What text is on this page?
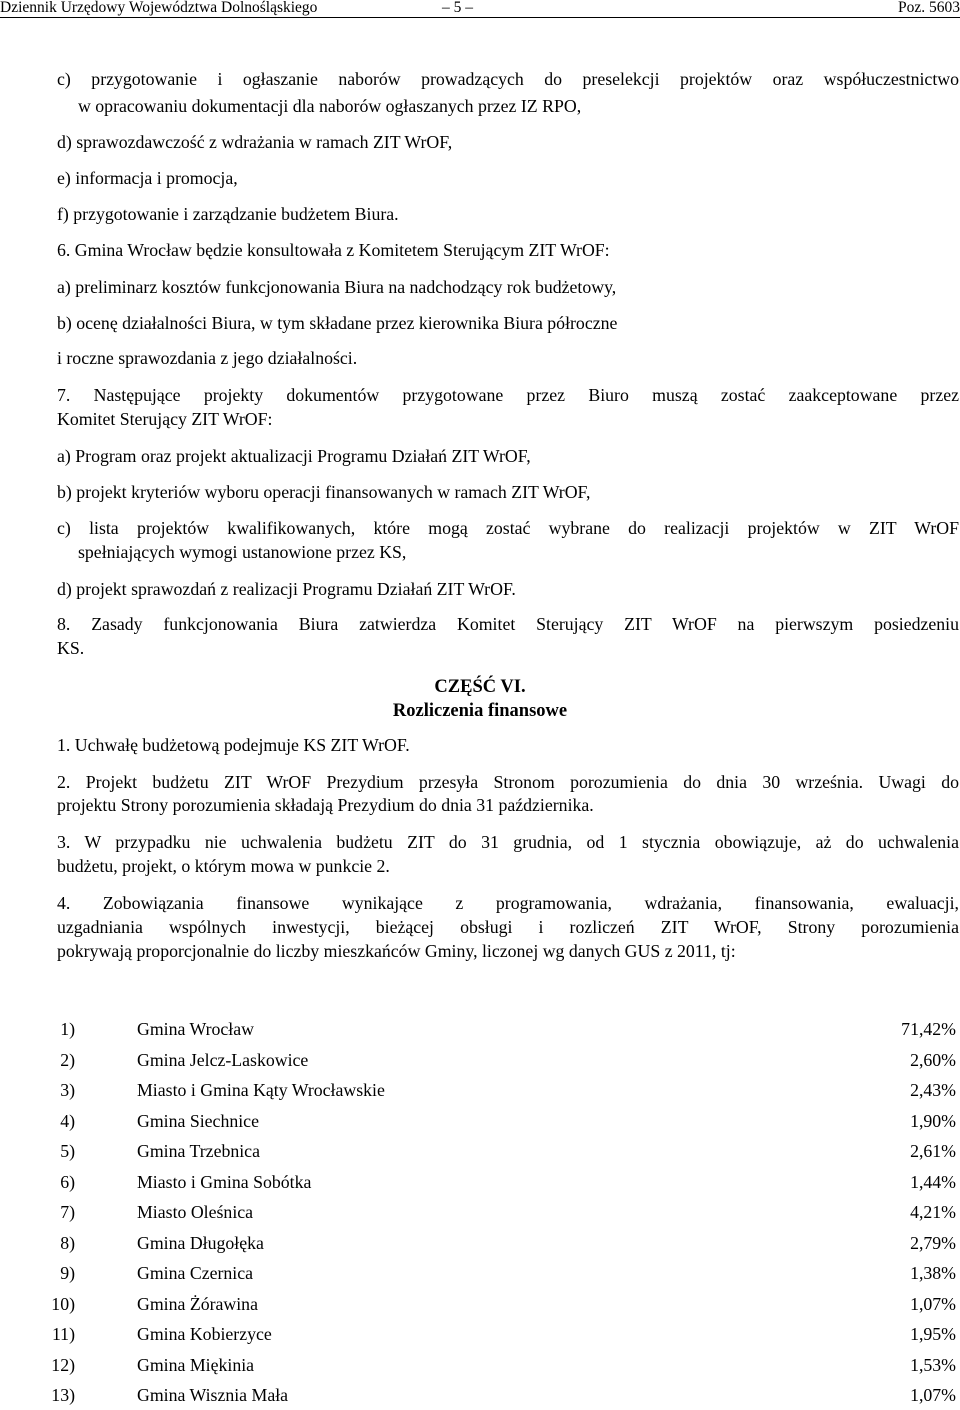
Dziennik Urzędowy Województwa Dolnośląskiego	– 5 –	Poz. 5603
c) przygotowanie i ogłaszanie naborów prowadzących do preselekcji projektów oraz współuczestnictwo
w opracowaniu dokumentacji dla naborów ogłaszanych przez IZ RPO,
d) sprawozdawczość z wdrażania w ramach ZIT WrOF,
e) informacja i promocja,
f) przygotowanie i zarządzanie budżetem Biura.
6. Gmina Wrocław będzie konsultowała z Komitetem Sterującym ZIT WrOF:
a) preliminarz kosztów funkcjonowania Biura na nadchodzący rok budżetowy,
b) ocenę działalności Biura, w tym składane przez kierownika Biura półroczne
i roczne sprawozdania z jego działalności.
7. Następujące projekty dokumentów przygotowane przez Biuro muszą zostać zaakceptowane przez
Komitet Sterujący ZIT WrOF:
a) Program oraz projekt aktualizacji Programu Działań ZIT WrOF,
b) projekt kryteriów wyboru operacji finansowanych w ramach ZIT WrOF,
c) lista projektów kwalifikowanych, które mogą zostać wybrane do realizacji projektów w ZIT WrOF
spełniających wymogi ustanowione przez KS,
d) projekt sprawozdań z realizacji Programu Działań ZIT WrOF.
8. Zasady funkcjonowania Biura zatwierdza Komitet Sterujący ZIT WrOF na pierwszym posiedzeniu
KS.
CZĘŚĆ VI.
Rozliczenia finansowe
1. Uchwałę budżetową podejmuje KS ZIT WrOF.
2. Projekt budżetu ZIT WrOF Prezydium przesyła Stronom porozumienia do dnia 30 września. Uwagi do
projektu Strony porozumienia składają Prezydium do dnia 31 października.
3. W przypadku nie uchwalenia budżetu ZIT do 31 grudnia, od 1 stycznia obowiązuje, aż do uchwalenia
budżetu, projekt, o którym mowa w punkcie 2.
4. Zobowiązania finansowe wynikające z programowania, wdrażania, finansowania, ewaluacji,
uzgadniania wspólnych inwestycji, bieżącej obsługi i rozliczeń ZIT WrOF, Strony porozumienia
pokrywają proporcjonalnie do liczby mieszkańców Gminy, liczonej wg danych GUS z 2011, tj:
1)	Gmina Wrocław	71,42%
2)	Gmina Jelcz-Laskowice	2,60%
3)	Miasto i Gmina Kąty Wrocławskie	2,43%
4)	Gmina Siechnice	1,90%
5)	Gmina Trzebnica	2,61%
6)	Miasto i Gmina Sobótka	1,44%
7)	Miasto Oleśnica	4,21%
8)	Gmina Długołęka	2,79%
9)	Gmina Czernica	1,38%
10)	Gmina Żórawina	1,07%
11)	Gmina Kobierzyce	1,95%
12)	Gmina Miękinia	1,53%
13)	Gmina Wisznia Mała	1,07%
